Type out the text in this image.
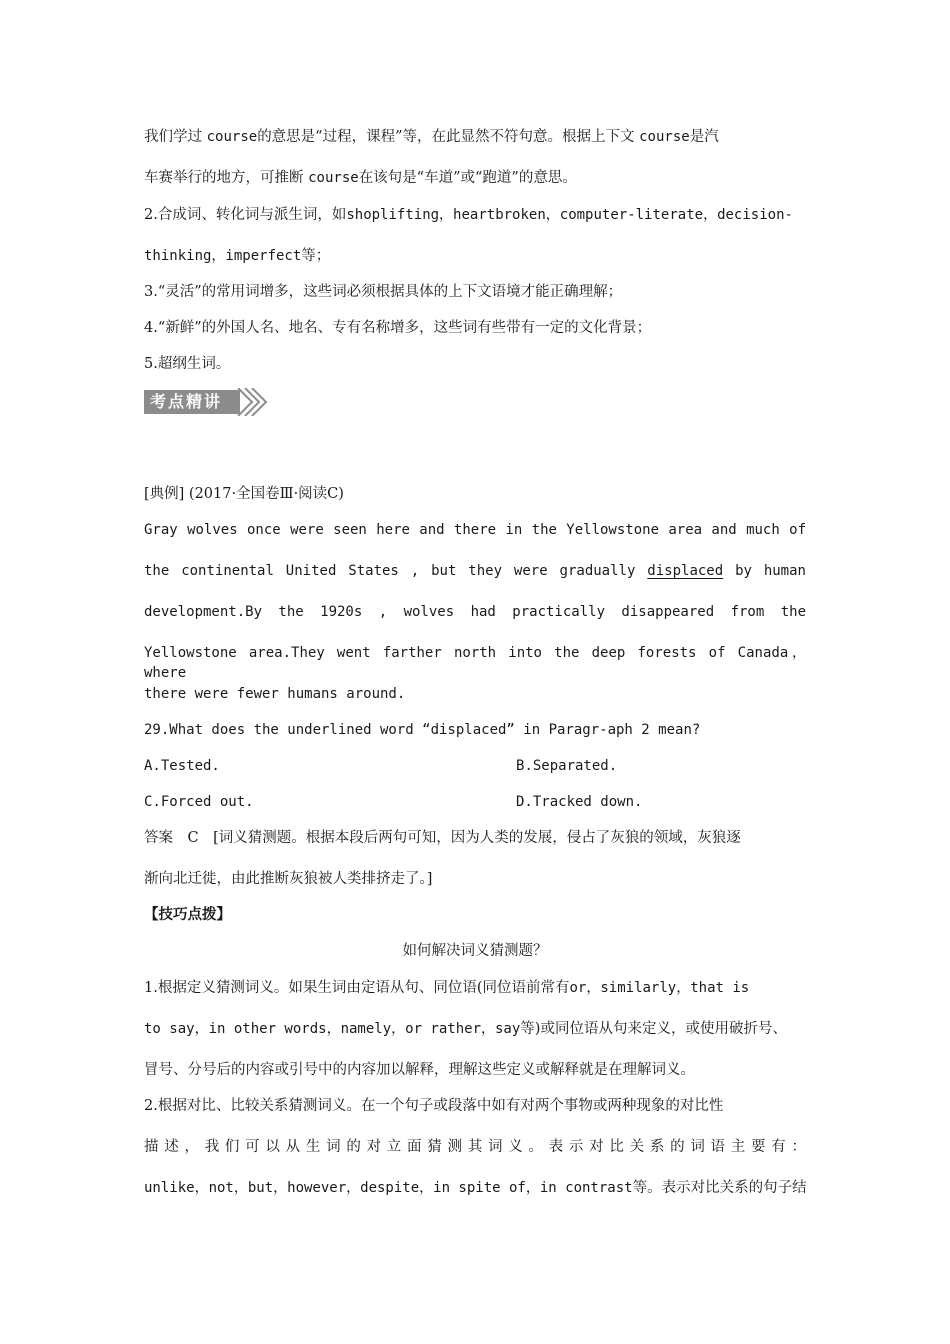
我们学过 course的意思是“过程，课程”等，在此显然不符句意。根据上下文 course是汽
车赛举行的地方，可推断 course在该句是“车道”或“跑道”的意思。
2.合成词、转化词与派生词，如shoplifting，heartbroken，computer-literate，decision-
thinking，imperfect等；
3.“灵活”的常用词增多，这些词必须根据具体的上下文语境才能正确理解；
4.“新鲜”的外国人名、地名、专有名称增多，这些词有些带有一定的文化背景；
5.超纲生词。
考点精讲
[典例] (2017·全国卷Ⅲ·阅读C)
Gray wolves once were seen here and there in the Yellowstone area and much of
the continental United States , but they were gradually displaced by human
development.By the 1920s , wolves had practically disappeared from the
Yellowstone area.They went farther north into the deep forests of Canada，where
there were fewer humans around.
29.What does the underlined word “displaced” in Paragr-aph 2 mean?
A.Tested.	B.Separated.
C.Forced out.	D.Tracked down.
答案　C　[词义猜测题。根据本段后两句可知，因为人类的发展，侵占了灰狼的领域，灰狼逐
渐向北迁徙，由此推断灰狼被人类排挤走了。]
【技巧点拨】
如何解决词义猜测题？
1.根据定义猜测词义。如果生词由定语从句、同位语(同位语前常有or，similarly，that is
to say，in other words，namely，or rather，say等)或同位语从句来定义，或使用破折号、
冒号、分号后的内容或引号中的内容加以解释，理解这些定义或解释就是在理解词义。
2.根据对比、比较关系猜测词义。在一个句子或段落中如有对两个事物或两种现象的对比性
描述，我们可以从生词的对立面猜测其词义。表示对比关系的词语主要有：
unlike，not，but，however，despite，in spite of，in contrast等。表示对比关系的句子结
